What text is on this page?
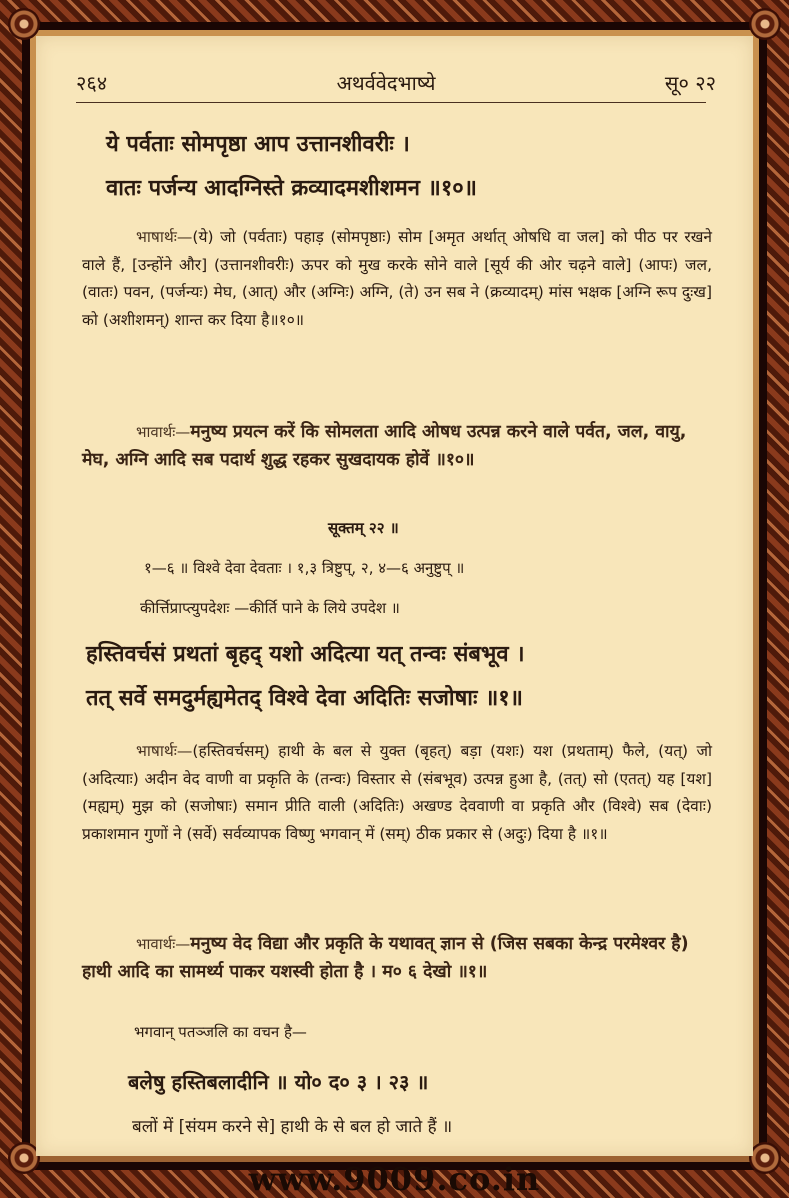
२६४	अथर्ववेदभाष्ये	सू० २२
ये पर्वताः सोमपृष्ठा आप उत्तानशीवरीः ।
वातः पर्जन्य आदग्निस्ते क्रव्यादमशीशमन ॥१०॥
भाषार्थः—(ये) जो (पर्वताः) पहाड़ (सोमपृष्ठाः) सोम [अमृत अर्थात् ओषधि वा जल] को पीठ पर रखने वाले हैं, [उन्होंने और] (उत्तानशीवरीः) ऊपर को मुख करके सोने वाले [सूर्य की ओर चढ़ने वाले] (आपः) जल, (वातः) पवन, (पर्जन्यः) मेघ, (आत्) और (अग्निः) अग्नि, (ते) उन सब ने (क्रव्यादम्) मांस भक्षक [अग्नि रूप दुःख] को (अशीशमन्) शान्त कर दिया है॥१०॥
भावार्थः—मनुष्य प्रयत्न करें कि सोमलता आदि ओषध उत्पन्न करने वाले पर्वत, जल, वायु, मेघ, अग्नि आदि सब पदार्थ शुद्ध रहकर सुखदायक होवें ॥१०॥
सूक्तम् २२ ॥
१—६ ॥ विश्वे देवा देवताः । १,३ त्रिष्टुप्, २, ४—६ अनुष्टुप् ॥
कीर्त्तिप्राप्त्युपदेशः —कीर्ति पाने के लिये उपदेश ॥
हस्तिवर्चसं प्रथतां बृहद् यशो अदित्या यत् तन्वः संबभूव ।
तत् सर्वे समदुर्मह्यमेतद् विश्वे देवा अदितिः सजोषाः ॥१॥
भाषार्थः—(हस्तिवर्चसम्) हाथी के बल से युक्त (बृहत्) बड़ा (यशः) यश (प्रथताम्) फैले, (यत्) जो (अदित्याः) अदीन वेद वाणी वा प्रकृति के (तन्वः) विस्तार से (संबभूव) उत्पन्न हुआ है, (तत्) सो (एतत्) यह [यश] (मह्यम्) मुझ को (सजोषाः) समान प्रीति वाली (अदितिः) अखण्ड देववाणी वा प्रकृति और (विश्वे) सब (देवाः) प्रकाशमान गुणों ने (सर्वे) सर्वव्यापक विष्णु भगवान् में (सम्) ठीक प्रकार से (अदुः) दिया है ॥१॥
भावार्थः—मनुष्य वेद विद्या और प्रकृति के यथावत् ज्ञान से (जिस सबका केन्द्र परमेश्वर है) हाथी आदि का सामर्थ्य पाकर यशस्वी होता है । म० ६ देखो ॥१॥
भगवान् पतञ्जलि का वचन है—
बलेषु हस्तिबलादीनि ॥ यो० द० ३ । २३ ॥
बलों में [संयम करने से] हाथी के से बल हो जाते हैं ॥
www.9009.co.in
